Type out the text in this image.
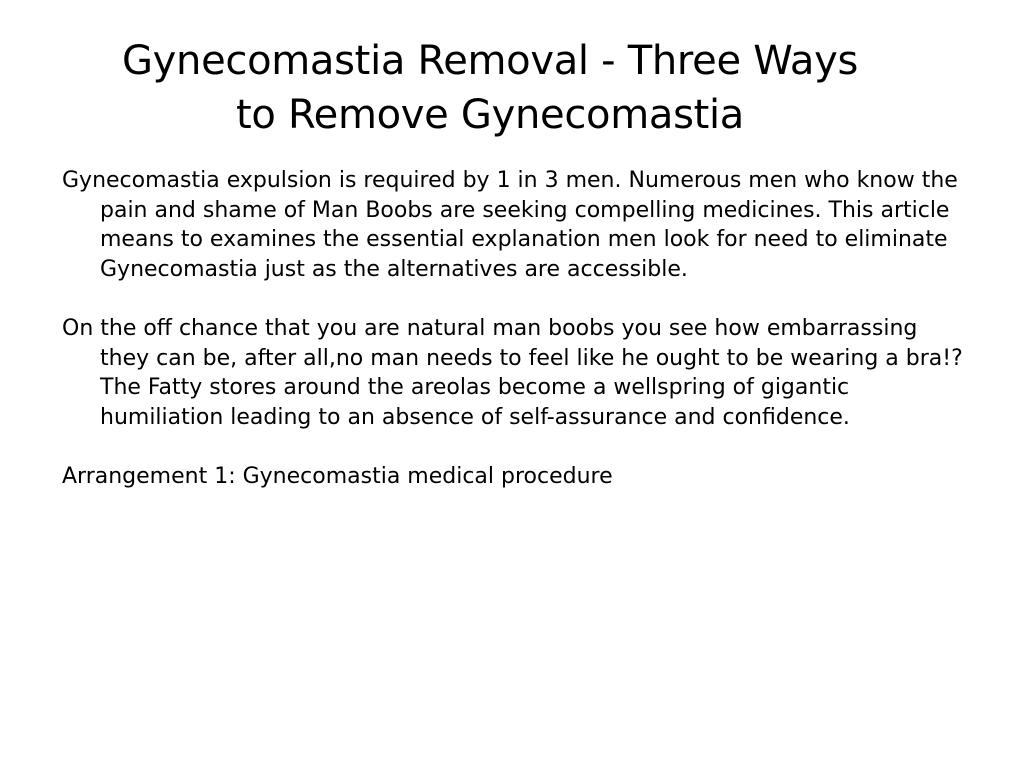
Gynecomastia Removal - Three Ways
to Remove Gynecomastia

Gynecomastia expulsion is required by 1 in 3 men. Numerous men who know the pain and shame of Man Boobs are seeking compelling medicines. This article means to examines the essential explanation men look for need to eliminate Gynecomastia just as the alternatives are accessible.

On the off chance that you are natural man boobs you see how embarrassing they can be, after all,no man needs to feel like he ought to be wearing a bra!? The Fatty stores around the areolas become a wellspring of gigantic humiliation leading to an absence of self-assurance and confidence.

Arrangement 1: Gynecomastia medical procedure
